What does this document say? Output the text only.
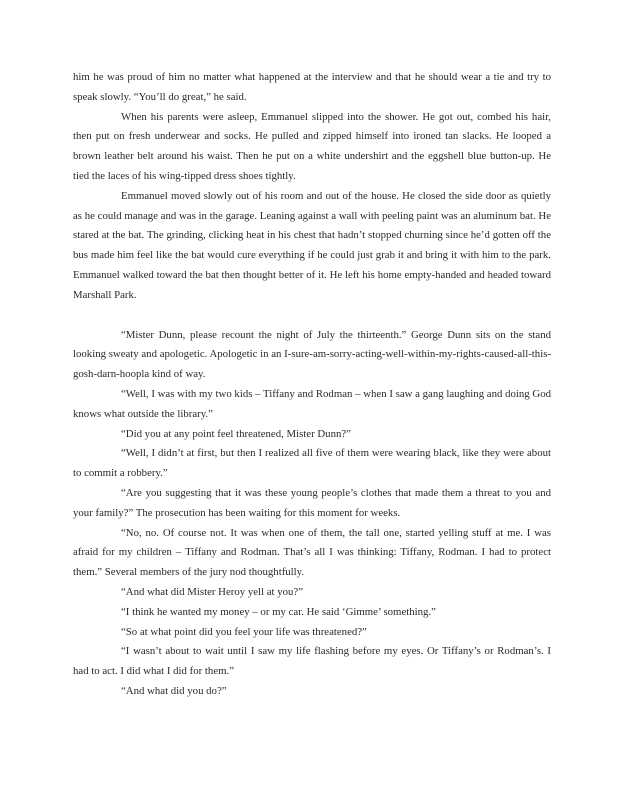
him he was proud of him no matter what happened at the interview and that he should wear a tie and try to speak slowly. “You’ll do great,” he said.

When his parents were asleep, Emmanuel slipped into the shower. He got out, combed his hair, then put on fresh underwear and socks. He pulled and zipped himself into ironed tan slacks. He looped a brown leather belt around his waist. Then he put on a white undershirt and the eggshell blue button-up. He tied the laces of his wing-tipped dress shoes tightly.

Emmanuel moved slowly out of his room and out of the house. He closed the side door as quietly as he could manage and was in the garage. Leaning against a wall with peeling paint was an aluminum bat. He stared at the bat. The grinding, clicking heat in his chest that hadn’t stopped churning since he’d gotten off the bus made him feel like the bat would cure everything if he could just grab it and bring it with him to the park. Emmanuel walked toward the bat then thought better of it. He left his home empty-handed and headed toward Marshall Park.

“Mister Dunn, please recount the night of July the thirteenth.” George Dunn sits on the stand looking sweaty and apologetic. Apologetic in an I-sure-am-sorry-acting-well-within-my-rights-caused-all-this-gosh-darn-hoopla kind of way.

“Well, I was with my two kids – Tiffany and Rodman – when I saw a gang laughing and doing God knows what outside the library.”

“Did you at any point feel threatened, Mister Dunn?”

“Well, I didn’t at first, but then I realized all five of them were wearing black, like they were about to commit a robbery.”

“Are you suggesting that it was these young people’s clothes that made them a threat to you and your family?” The prosecution has been waiting for this moment for weeks.

“No, no. Of course not. It was when one of them, the tall one, started yelling stuff at me. I was afraid for my children – Tiffany and Rodman. That’s all I was thinking: Tiffany, Rodman. I had to protect them.” Several members of the jury nod thoughtfully.

“And what did Mister Heroy yell at you?”

“I think he wanted my money – or my car. He said ‘Gimme’ something.”

“So at what point did you feel your life was threatened?”

“I wasn’t about to wait until I saw my life flashing before my eyes. Or Tiffany’s or Rodman’s. I had to act. I did what I did for them.”

“And what did you do?”
